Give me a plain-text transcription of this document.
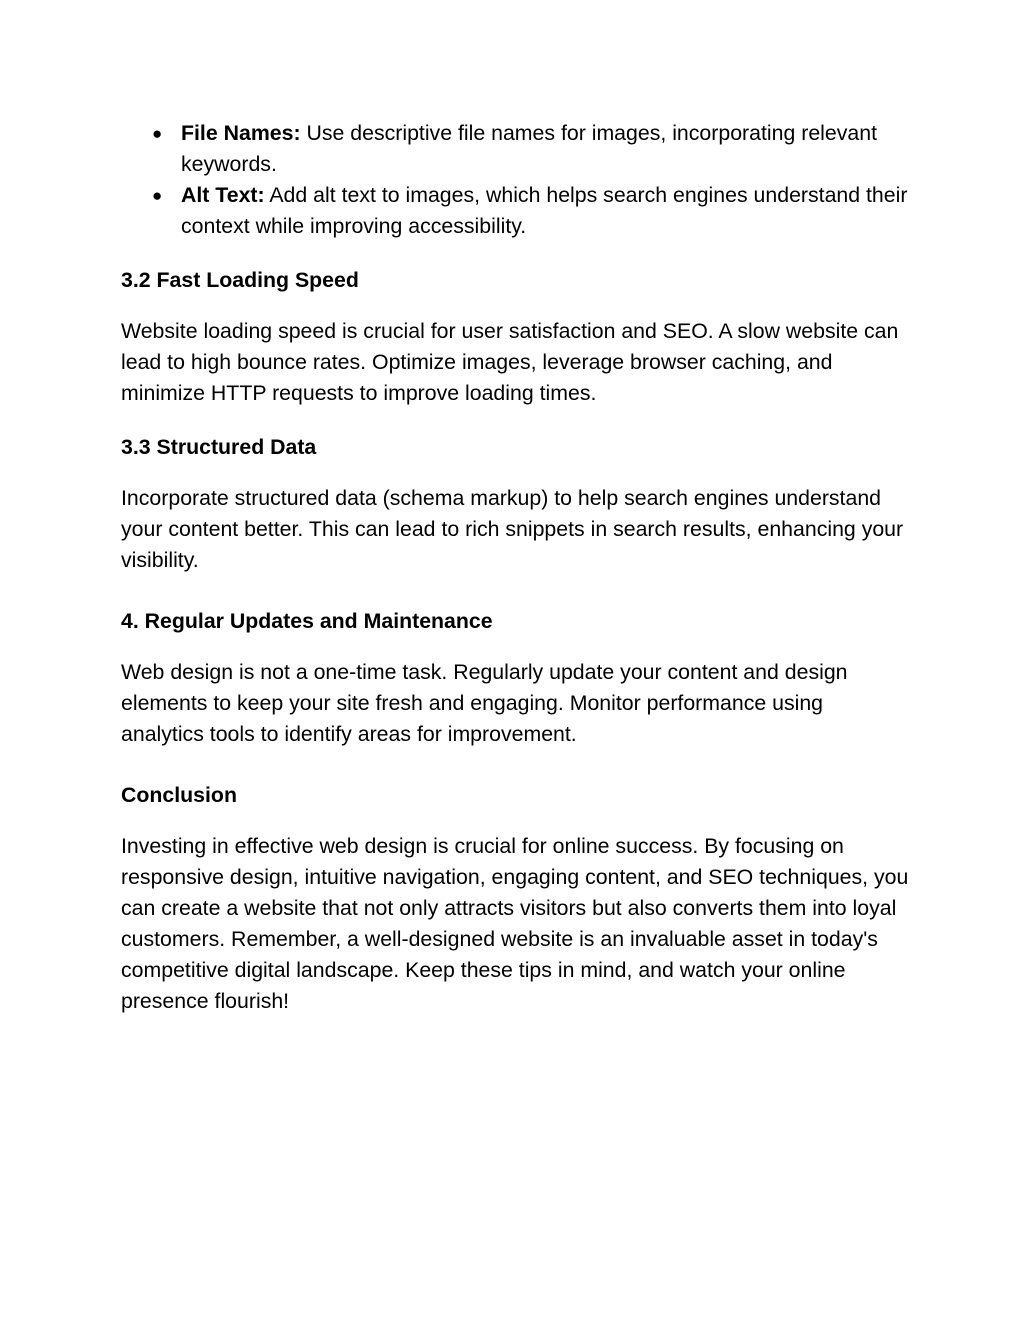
● File Names: Use descriptive file names for images, incorporating relevant keywords.
● Alt Text: Add alt text to images, which helps search engines understand their context while improving accessibility.
3.2 Fast Loading Speed

Website loading speed is crucial for user satisfaction and SEO. A slow website can lead to high bounce rates. Optimize images, leverage browser caching, and minimize HTTP requests to improve loading times.

3.3 Structured Data

Incorporate structured data (schema markup) to help search engines understand your content better. This can lead to rich snippets in search results, enhancing your visibility.

4. Regular Updates and Maintenance

Web design is not a one-time task. Regularly update your content and design elements to keep your site fresh and engaging. Monitor performance using analytics tools to identify areas for improvement.

Conclusion

Investing in effective web design is crucial for online success. By focusing on responsive design, intuitive navigation, engaging content, and SEO techniques, you can create a website that not only attracts visitors but also converts them into loyal customers. Remember, a well-designed website is an invaluable asset in today's competitive digital landscape. Keep these tips in mind, and watch your online presence flourish!
